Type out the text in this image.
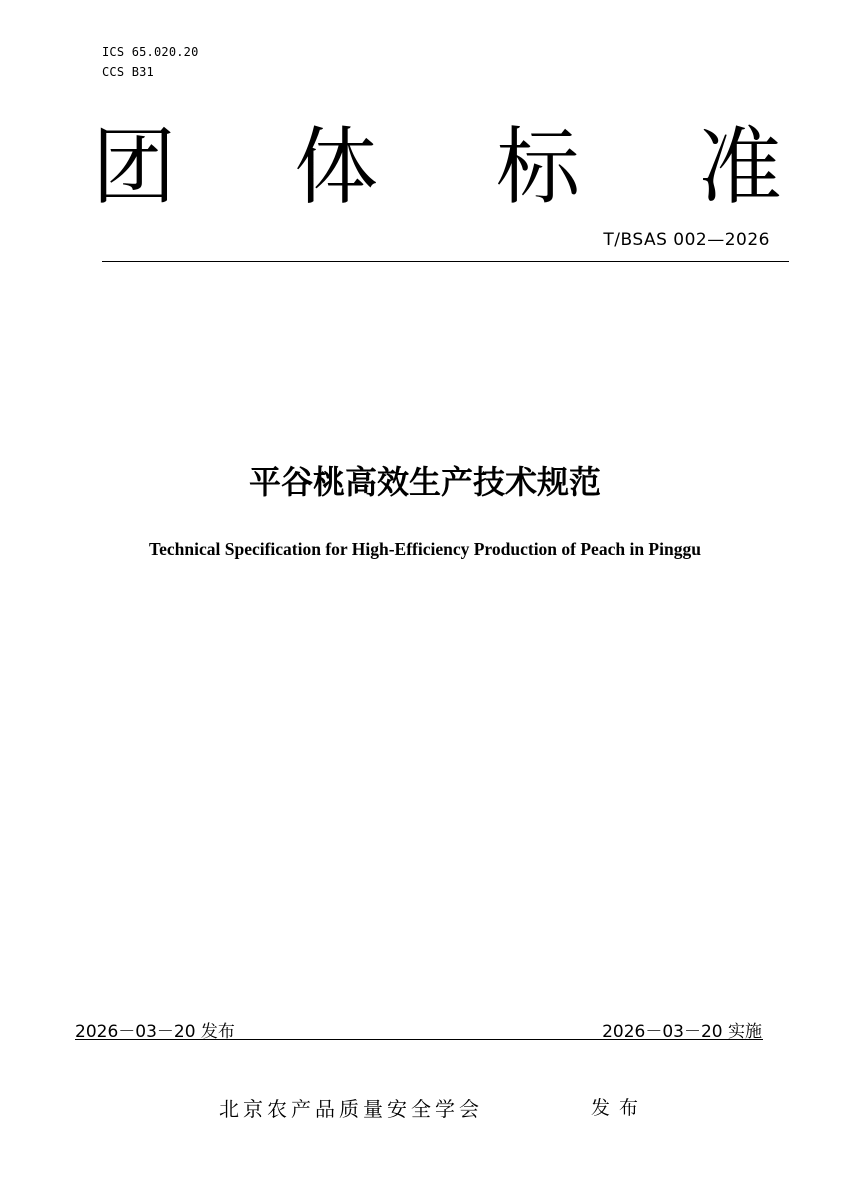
ICS 65.020.20
CCS B31
团 体 标 准
T/BSAS 002—2026
平谷桃高效生产技术规范
Technical Specification for High-Efficiency Production of Peach in Pinggu
2026－03－20 发布	2026－03－20 实施
北京农产品质量安全学会	发布
